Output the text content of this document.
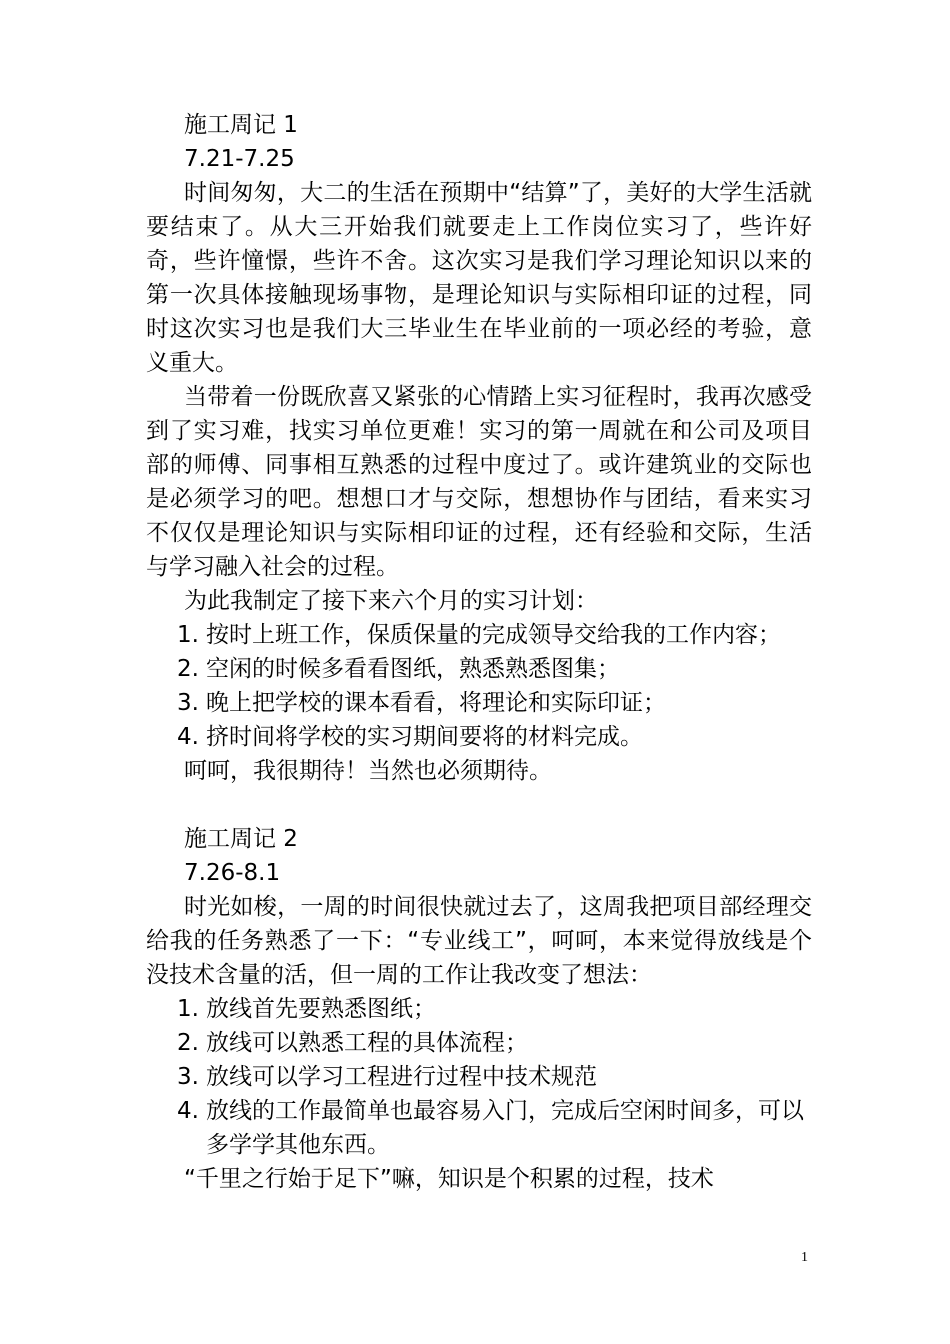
施工周记 1

7.21-7.25

时间匆匆，大二的生活在预期中“结算”了，美好的大学生活就要结束了。从大三开始我们就要走上工作岗位实习了，些许好奇，些许憧憬，些许不舍。这次实习是我们学习理论知识以来的第一次具体接触现场事物，是理论知识与实际相印证的过程，同时这次实习也是我们大三毕业生在毕业前的一项必经的考验，意义重大。

当带着一份既欣喜又紧张的心情踏上实习征程时，我再次感受到了实习难，找实习单位更难！实习的第一周就在和公司及项目部的师傅、同事相互熟悉的过程中度过了。或许建筑业的交际也是必须学习的吧。想想口才与交际，想想协作与团结，看来实习不仅仅是理论知识与实际相印证的过程，还有经验和交际，生活与学习融入社会的过程。

为此我制定了接下来六个月的实习计划：

1. 按时上班工作，保质保量的完成领导交给我的工作内容；
2. 空闲的时候多看看图纸，熟悉熟悉图集；
3. 晚上把学校的课本看看，将理论和实际印证；
4. 挤时间将学校的实习期间要将的材料完成。

呵呵，我很期待！当然也必须期待。

施工周记 2

7.26-8.1

时光如梭，一周的时间很快就过去了，这周我把项目部经理交给我的任务熟悉了一下：“专业线工”，呵呵，本来觉得放线是个没技术含量的活，但一周的工作让我改变了想法：

1. 放线首先要熟悉图纸；
2. 放线可以熟悉工程的具体流程；
3. 放线可以学习工程进行过程中技术规范
4. 放线的工作最简单也最容易入门，完成后空闲时间多，可以多学学其他东西。

“千里之行始于足下”嘛，知识是个积累的过程，技术

1
